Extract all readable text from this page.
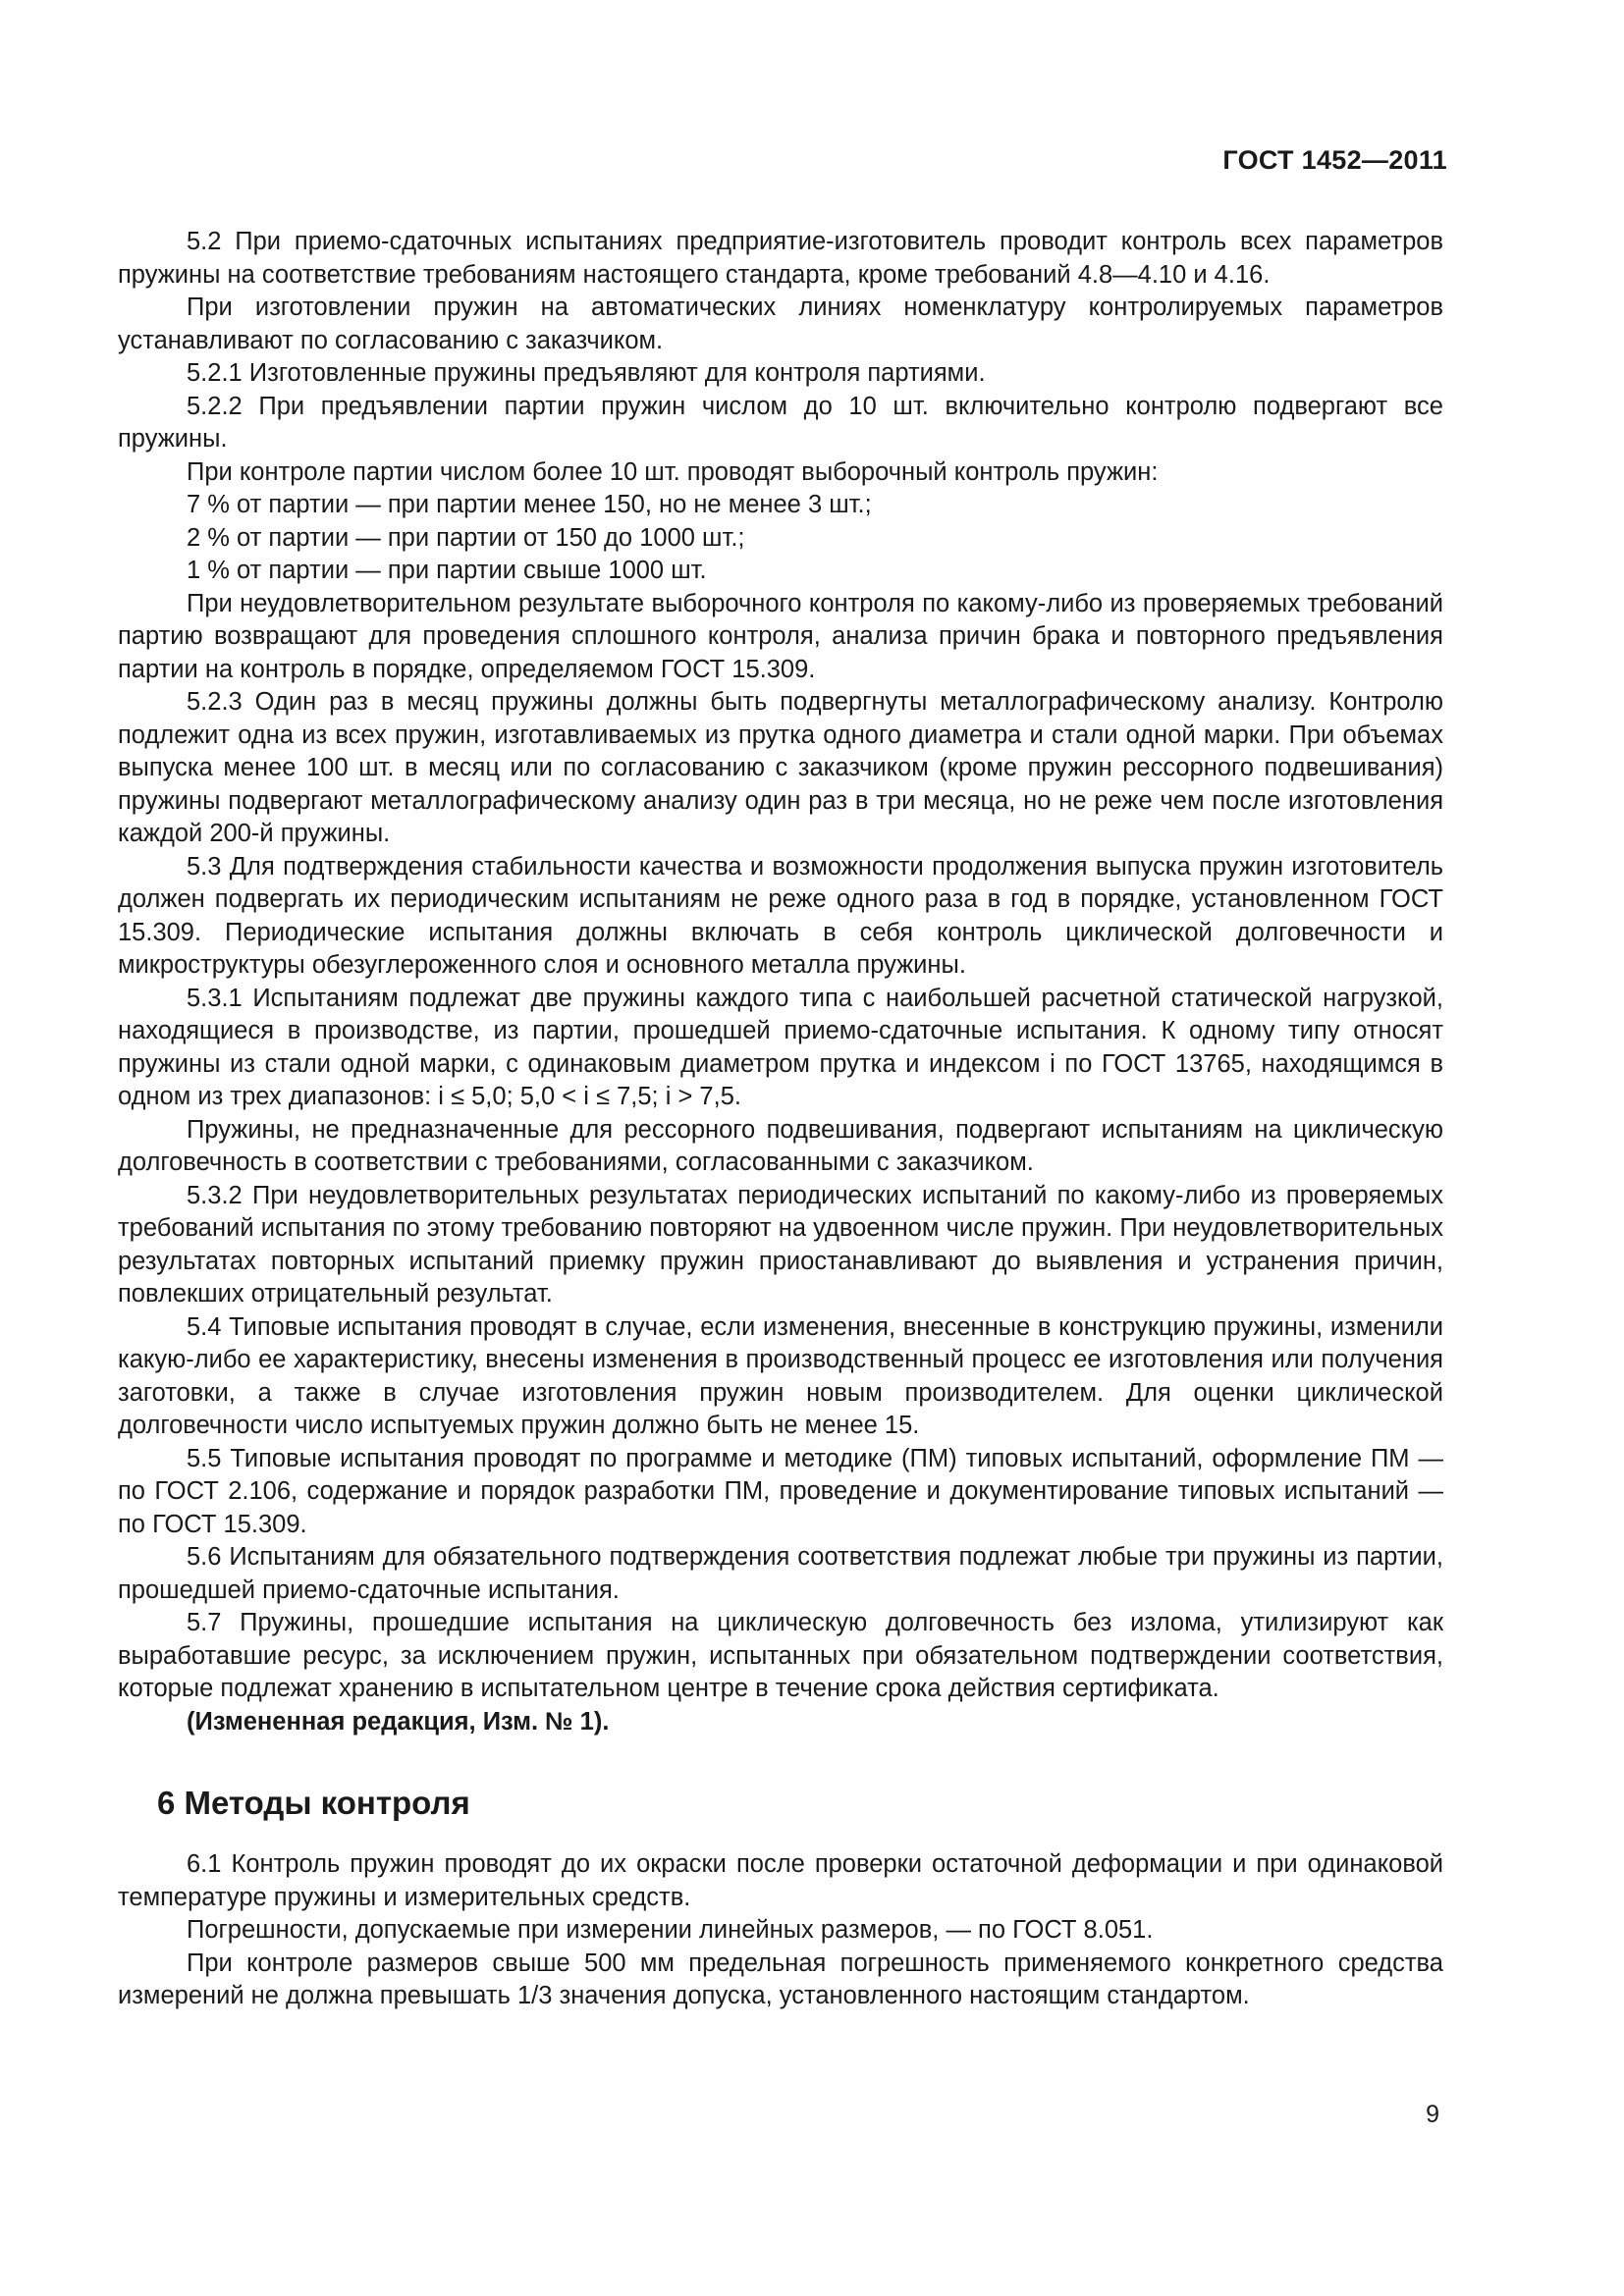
ГОСТ 1452—2011

5.2 При приемо-сдаточных испытаниях предприятие-изготовитель проводит контроль всех параметров пружины на соответствие требованиям настоящего стандарта, кроме требований 4.8—4.10 и 4.16.

При изготовлении пружин на автоматических линиях номенклатуру контролируемых параметров устанавливают по согласованию с заказчиком.

5.2.1 Изготовленные пружины предъявляют для контроля партиями.

5.2.2 При предъявлении партии пружин числом до 10 шт. включительно контролю подвергают все пружины.

При контроле партии числом более 10 шт. проводят выборочный контроль пружин:

7 % от партии — при партии менее 150, но не менее 3 шт.;

2 % от партии — при партии от 150 до 1000 шт.;

1 % от партии — при партии свыше 1000 шт.

При неудовлетворительном результате выборочного контроля по какому-либо из проверяемых требований партию возвращают для проведения сплошного контроля, анализа причин брака и повторного предъявления партии на контроль в порядке, определяемом ГОСТ 15.309.

5.2.3 Один раз в месяц пружины должны быть подвергнуты металлографическому анализу. Контролю подлежит одна из всех пружин, изготавливаемых из прутка одного диаметра и стали одной марки. При объемах выпуска менее 100 шт. в месяц или по согласованию с заказчиком (кроме пружин рессорного подвешивания) пружины подвергают металлографическому анализу один раз в три месяца, но не реже чем после изготовления каждой 200-й пружины.

5.3 Для подтверждения стабильности качества и возможности продолжения выпуска пружин изготовитель должен подвергать их периодическим испытаниям не реже одного раза в год в порядке, установленном ГОСТ 15.309. Периодические испытания должны включать в себя контроль циклической долговечности и микроструктуры обезуглероженного слоя и основного металла пружины.

5.3.1 Испытаниям подлежат две пружины каждого типа с наибольшей расчетной статической нагрузкой, находящиеся в производстве, из партии, прошедшей приемо-сдаточные испытания. К одному типу относят пружины из стали одной марки, с одинаковым диаметром прутка и индексом i по ГОСТ 13765, находящимся в одном из трех диапазонов: i ≤ 5,0; 5,0 < i ≤ 7,5; i > 7,5.

Пружины, не предназначенные для рессорного подвешивания, подвергают испытаниям на циклическую долговечность в соответствии с требованиями, согласованными с заказчиком.

5.3.2 При неудовлетворительных результатах периодических испытаний по какому-либо из проверяемых требований испытания по этому требованию повторяют на удвоенном числе пружин. При неудовлетворительных результатах повторных испытаний приемку пружин приостанавливают до выявления и устранения причин, повлекших отрицательный результат.

5.4 Типовые испытания проводят в случае, если изменения, внесенные в конструкцию пружины, изменили какую-либо ее характеристику, внесены изменения в производственный процесс ее изготовления или получения заготовки, а также в случае изготовления пружин новым производителем. Для оценки циклической долговечности число испытуемых пружин должно быть не менее 15.

5.5 Типовые испытания проводят по программе и методике (ПМ) типовых испытаний, оформление ПМ — по ГОСТ 2.106, содержание и порядок разработки ПМ, проведение и документирование типовых испытаний — по ГОСТ 15.309.

5.6 Испытаниям для обязательного подтверждения соответствия подлежат любые три пружины из партии, прошедшей приемо-сдаточные испытания.

5.7 Пружины, прошедшие испытания на циклическую долговечность без излома, утилизируют как выработавшие ресурс, за исключением пружин, испытанных при обязательном подтверждении соответствия, которые подлежат хранению в испытательном центре в течение срока действия сертификата.

(Измененная редакция, Изм. № 1).

6 Методы контроля

6.1 Контроль пружин проводят до их окраски после проверки остаточной деформации и при одинаковой температуре пружины и измерительных средств.

Погрешности, допускаемые при измерении линейных размеров, — по ГОСТ 8.051.

При контроле размеров свыше 500 мм предельная погрешность применяемого конкретного средства измерений не должна превышать 1/3 значения допуска, установленного настоящим стандартом.

9
